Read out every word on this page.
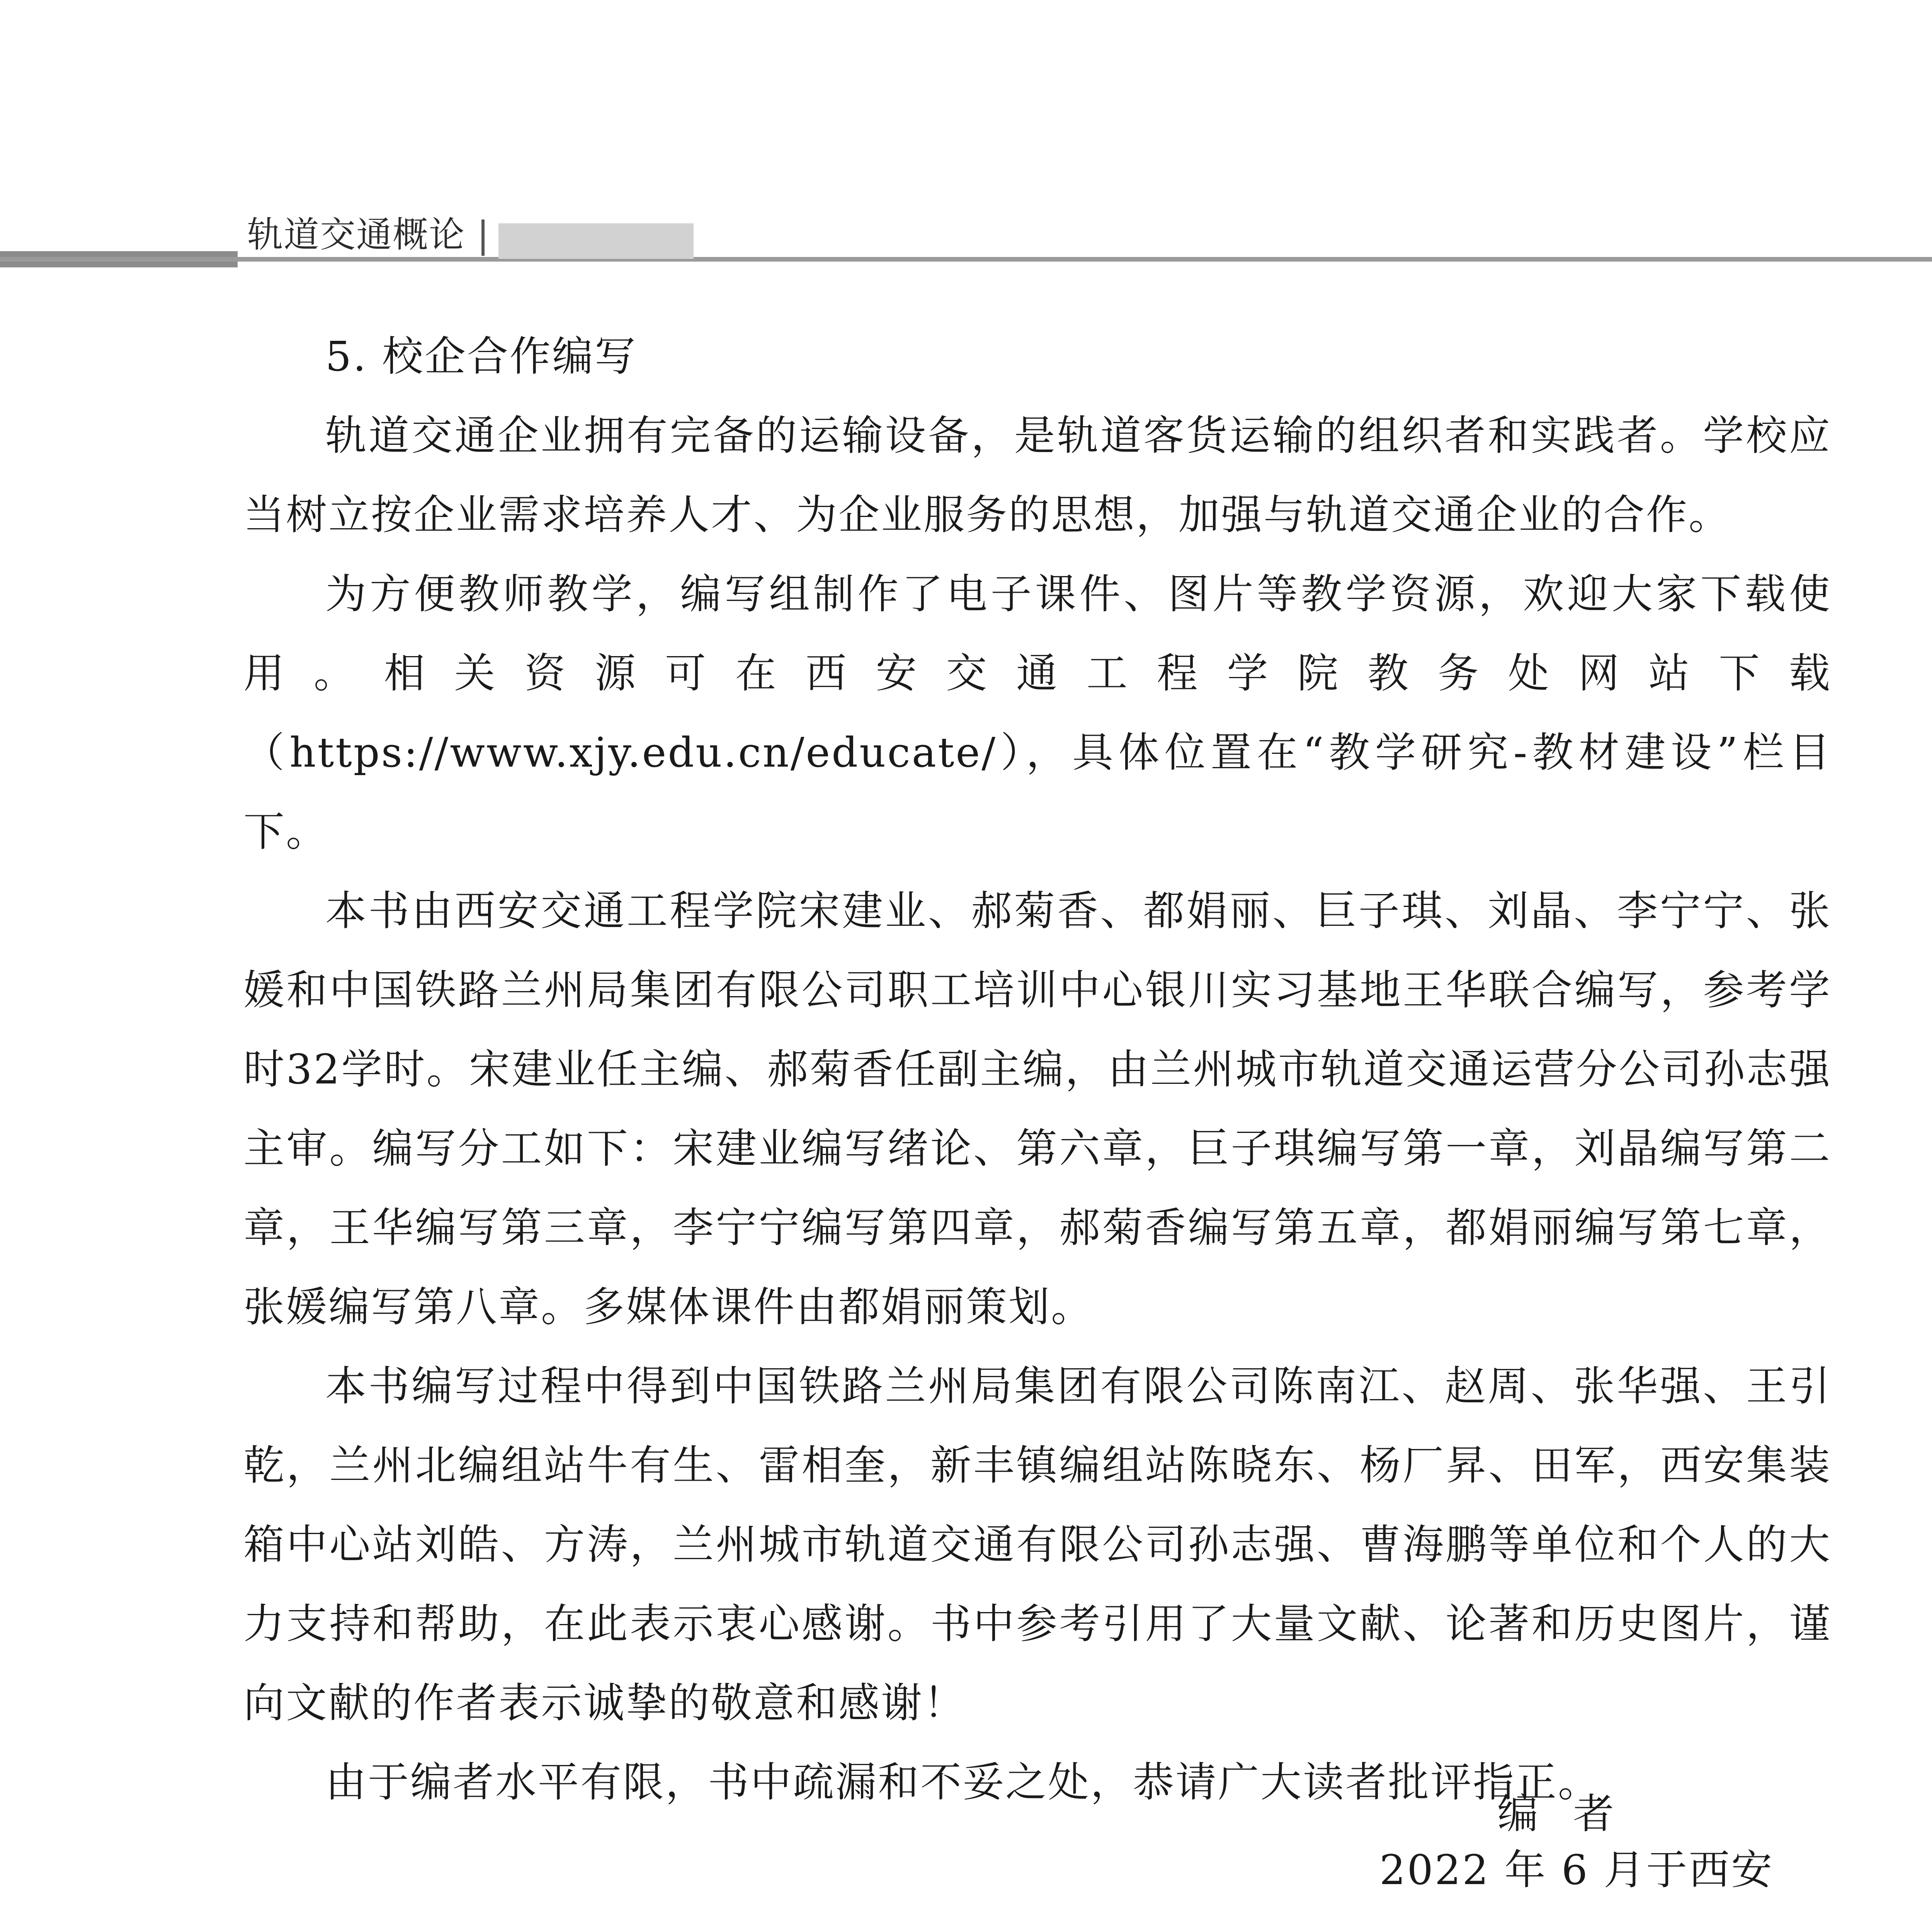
轨道交通概论

5. 校企合作编写

轨道交通企业拥有完备的运输设备，是轨道客货运输的组织者和实践者。学校应当树立按企业需求培养人才、为企业服务的思想，加强与轨道交通企业的合作。

为方便教师教学，编写组制作了电子课件、图片等教学资源，欢迎大家下载使用。相关资源可在西安交通工程学院教务处网站下载（https://www.xjy.edu.cn/educate/），具体位置在“教学研究-教材建设”栏目下。

本书由西安交通工程学院宋建业、郝菊香、都娟丽、巨子琪、刘晶、李宁宁、张媛和中国铁路兰州局集团有限公司职工培训中心银川实习基地王华联合编写，参考学时32学时。宋建业任主编、郝菊香任副主编，由兰州城市轨道交通运营分公司孙志强主审。编写分工如下：宋建业编写绪论、第六章，巨子琪编写第一章，刘晶编写第二章，王华编写第三章，李宁宁编写第四章，郝菊香编写第五章，都娟丽编写第七章，张媛编写第八章。多媒体课件由都娟丽策划。

本书编写过程中得到中国铁路兰州局集团有限公司陈南江、赵周、张华强、王引乾，兰州北编组站牛有生、雷相奎，新丰镇编组站陈晓东、杨厂昇、田军，西安集装箱中心站刘皓、方涛，兰州城市轨道交通有限公司孙志强、曹海鹏等单位和个人的大力支持和帮助，在此表示衷心感谢。书中参考引用了大量文献、论著和历史图片，谨向文献的作者表示诚挚的敬意和感谢！

由于编者水平有限，书中疏漏和不妥之处，恭请广大读者批评指正。

编者
2022 年 6 月于西安
